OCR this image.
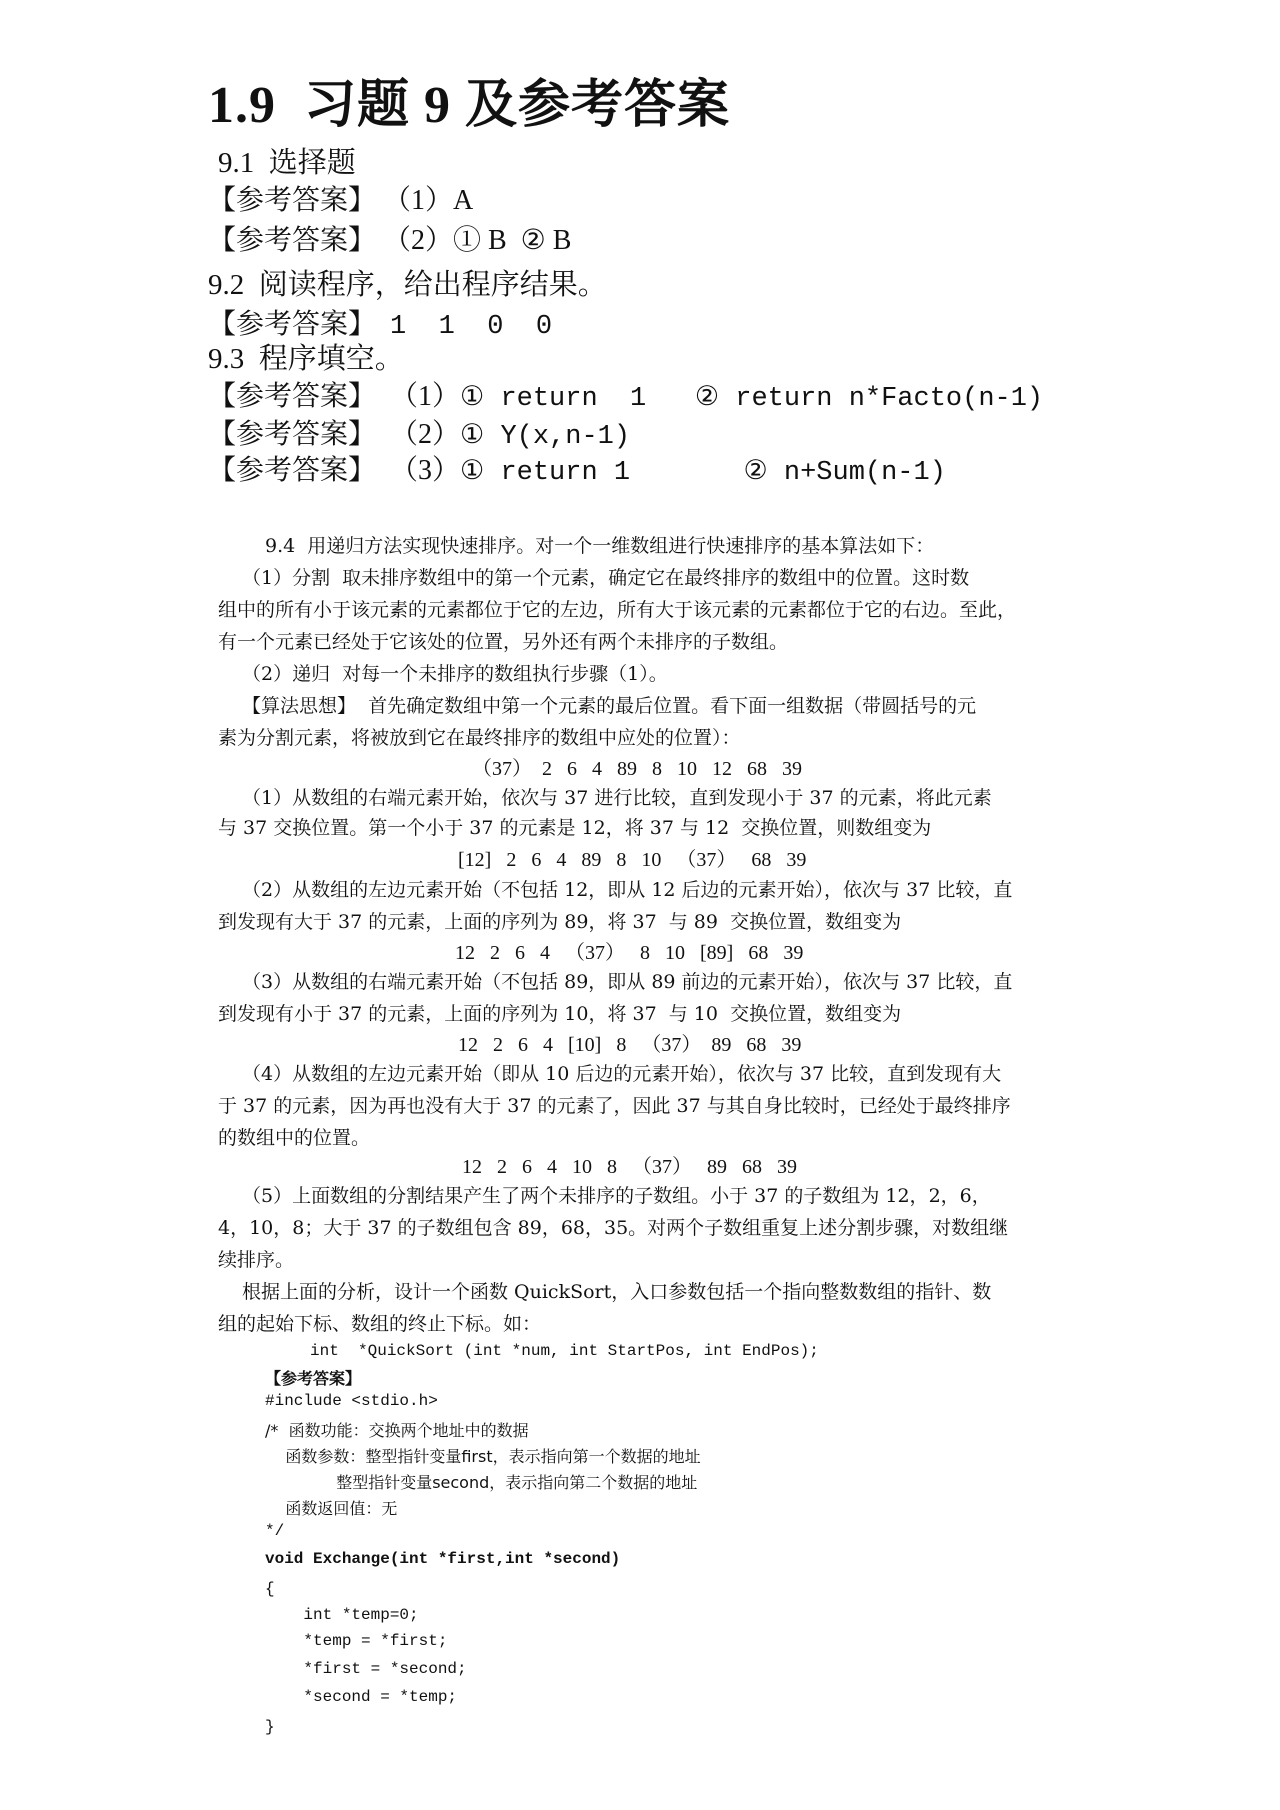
1.9  习题 9 及参考答案
9.1  选择题
【参考答案】 （1）A
【参考答案】 （2）① B  ② B
9.2  阅读程序，给出程序结果。
【参考答案】 1  1  0  0
9.3  程序填空。
【参考答案】 （1）① return  1   ② return n*Facto(n-1)
【参考答案】 （2）① Y(x,n-1)
【参考答案】 （3）① return 1       ② n+Sum(n-1)
9.4  用递归方法实现快速排序。对一个一维数组进行快速排序的基本算法如下：
（1）分割  取未排序数组中的第一个元素，确定它在最终排序的数组中的位置。这时数
组中的所有小于该元素的元素都位于它的左边，所有大于该元素的元素都位于它的右边。至此，
有一个元素已经处于它该处的位置，另外还有两个未排序的子数组。
（2）递归  对每一个未排序的数组执行步骤（1）。
【算法思想】  首先确定数组中第一个元素的最后位置。看下面一组数据（带圆括号的元
素为分割元素，将被放到它在最终排序的数组中应处的位置）：
（37）  2   6   4   89   8   10   12   68   39
（1）从数组的右端元素开始，依次与 37 进行比较，直到发现小于 37 的元素，将此元素
与 37 交换位置。第一个小于 37 的元素是 12，将 37 与 12  交换位置，则数组变为
[12]   2   6   4   89   8   10   （37）   68   39
（2）从数组的左边元素开始（不包括 12，即从 12 后边的元素开始），依次与 37 比较，直
到发现有大于 37 的元素，上面的序列为 89，将 37  与 89  交换位置，数组变为
12   2   6   4   （37）   8   10   [89]   68   39
（3）从数组的右端元素开始（不包括 89，即从 89 前边的元素开始），依次与 37 比较，直
到发现有小于 37 的元素，上面的序列为 10，将 37  与 10  交换位置，数组变为
12   2   6   4   [10]   8   （37）  89   68   39
（4）从数组的左边元素开始（即从 10 后边的元素开始），依次与 37 比较，直到发现有大
于 37 的元素，因为再也没有大于 37 的元素了，因此 37 与其自身比较时，已经处于最终排序
的数组中的位置。
12   2   6   4   10   8   （37）   89   68   39
（5）上面数组的分割结果产生了两个未排序的子数组。小于 37 的子数组为 12，2，6，
4，10，8；大于 37 的子数组包含 89，68，35。对两个子数组重复上述分割步骤，对数组继
续排序。
根据上面的分析，设计一个函数 QuickSort，入口参数包括一个指向整数数组的指针、数
组的起始下标、数组的终止下标。如：
int  *QuickSort (int *num, int StartPos, int EndPos);
【参考答案】
#include <stdio.h>
/*  函数功能：交换两个地址中的数据
函数参数：整型指针变量first，表示指向第一个数据的地址
整型指针变量second，表示指向第二个数据的地址
函数返回值：无
*/
void Exchange(int *first,int *second)
{
int *temp=0;
*temp = *first;
*first = *second;
*second = *temp;
}
